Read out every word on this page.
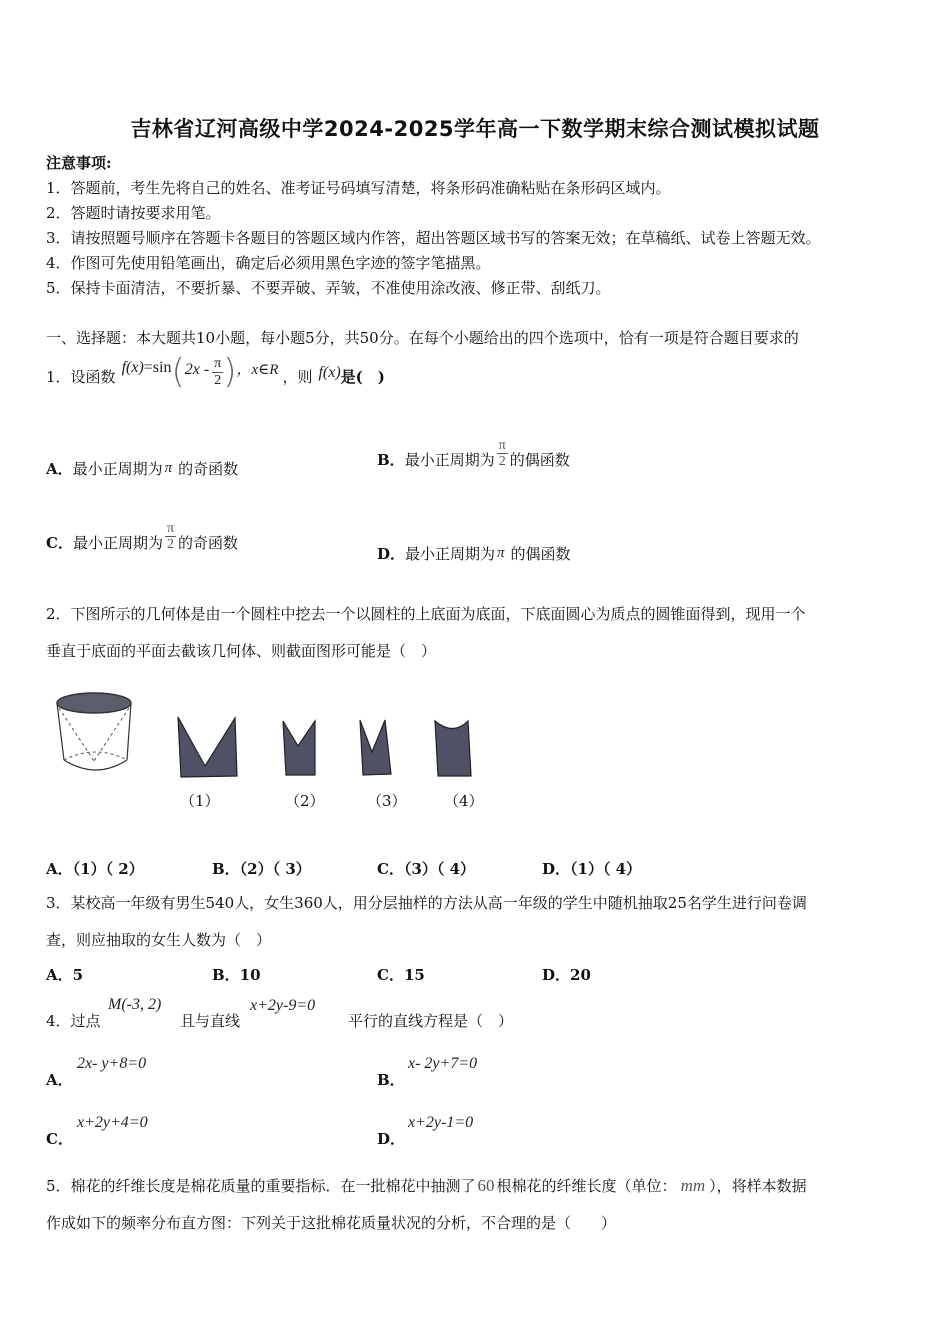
吉林省辽河高级中学2024-2025学年高一下数学期末综合测试模拟试题
注意事项:
1．答题前，考生先将自己的姓名、准考证号码填写清楚，将条形码准确粘贴在条形码区域内。
2．答题时请按要求用笔。
3．请按照题号顺序在答题卡各题目的答题区域内作答，超出答题区域书写的答案无效；在草稿纸、试卷上答题无效。
4．作图可先使用铅笔画出，确定后必须用黑色字迹的签字笔描黑。
5．保持卡面清洁，不要折暴、不要弄破、弄皱，不准使用涂改液、修正带、刮纸刀。
一、选择题：本大题共10小题，每小题5分，共50分。在每个小题给出的四个选项中，恰有一项是符合题目要求的
1． 设函数 f(x) =sin ( $2x - \frac{\pi}{2}$ ) ，x∈R ，则 f(x) 是(　)
A． 最小正周期为 π 的奇函数
B． 最小正周期为 $\frac{\pi}{2}$ 的偶函数
C． 最小正周期为 $\frac{\pi}{2}$ 的奇函数
D． 最小正周期为 π 的偶函数
2．下图所示的几何体是由一个圆柱中挖去一个以圆柱的上底面为底面，下底面圆心为质点的圆锥面得到，现用一个
垂直于底面的平面去截该几何体、则截面图形可能是（　）
（1）	（2）	（3） （4）
A．（1）（ 2）	B．（2）（ 3）	C．（3）（ 4）	D．（1）（ 4）
3．某校高一年级有男生540人，女生360人，用分层抽样的方法从高一年级的学生中随机抽取25名学生进行问卷调
查，则应抽取的女生人数为（　）
A．5	B．10	C．15	D．20
4．过点
M(-3, 2)
且与直线
x+2y-9=0
平行的直线方程是（　）
A．
2x- y+8=0
B．
x- 2y+7=0
C．
x+2y+4=0
D．
x+2y-1=0
5．棉花的纤维长度是棉花质量的重要指标．在一批棉花中抽测了 60 根棉花的纤维长度（单位： mm ），将样本数据
作成如下的频率分布直方图：下列关于这批棉花质量状况的分析，不合理的是（　　）
